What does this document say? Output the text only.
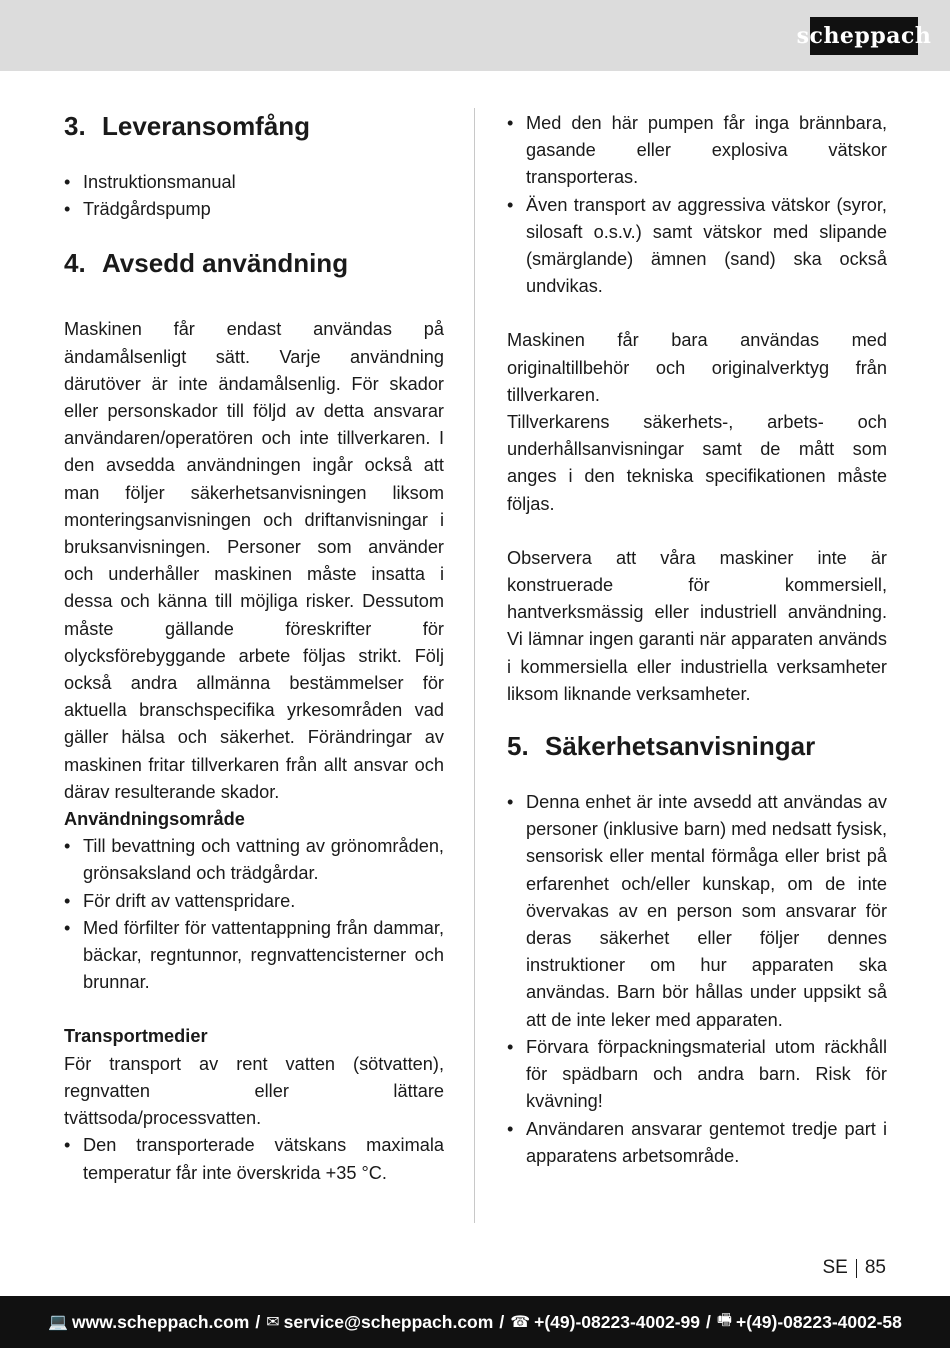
scheppach
3. Leveransomfång
• Instruktionsmanual
• Trädgårdspump
4. Avsedd användning

Maskinen får endast användas på ändamålsenligt sätt. Varje användning därutöver är inte ändamålsenlig. För skador eller personskador till följd av detta ansvarar användaren/operatören och inte tillverkaren. I den avsedda användningen ingår också att man följer säkerhetsanvisningen liksom monteringsanvisningen och driftanvisningar i bruksanvisningen. Personer som använder och underhåller maskinen måste insatta i dessa och känna till möjliga risker. Dessutom måste gällande föreskrifter för olycksförebyggande arbete följas strikt. Följ också andra allmänna bestämmelser för aktuella branschspecifika yrkesområden vad gäller hälsa och säkerhet. Förändringar av maskinen fritar tillverkaren från allt ansvar och därav resulterande skador.

Användningsområde
• Till bevattning och vattning av grönområden, grönsaksland och trädgårdar.
• För drift av vattenspridare.
• Med förfilter för vattentappning från dammar, bäckar, regntunnor, regnvattencisterner och brunnar.
Transportmedier

För transport av rent vatten (sötvatten), regnvatten eller lättare tvättsoda/processvatten.

• Den transporterade vätskans maximala temperatur får inte överskrida +35 °C.
• Med den här pumpen får inga brännbara, gasande eller explosiva vätskor transporteras.
• Även transport av aggressiva vätskor (syror, silosaft o.s.v.) samt vätskor med slipande (smärglande) ämnen (sand) ska också undvikas.

Maskinen får bara användas med originaltillbehör och originalverktyg från tillverkaren.

Tillverkarens säkerhets-, arbets- och underhållsanvisningar samt de mått som anges i den tekniska specifikationen måste följas.

Observera att våra maskiner inte är konstruerade för kommersiell, hantverksmässig eller industriell användning. Vi lämnar ingen garanti när apparaten används i kommersiella eller industriella verksamheter liksom liknande verksamheter.

5. Säkerhetsanvisningar
• Denna enhet är inte avsedd att användas av personer (inklusive barn) med nedsatt fysisk, sensorisk eller mental förmåga eller brist på erfarenhet och/eller kunskap, om de inte övervakas av en person som ansvarar för deras säkerhet eller följer dennes instruktioner om hur apparaten ska användas. Barn bör hållas under uppsikt så att de inte leker med apparaten.
• Förvara förpackningsmaterial utom räckhåll för spädbarn och andra barn. Risk för kvävning!
• Användaren ansvarar gentemot tredje part i apparatens arbetsområde.
SE 85
💻 www.scheppach.com / ✉ service@scheppach.com / ☎ +(49)-08223-4002-99 / 🖷 +(49)-08223-4002-58
